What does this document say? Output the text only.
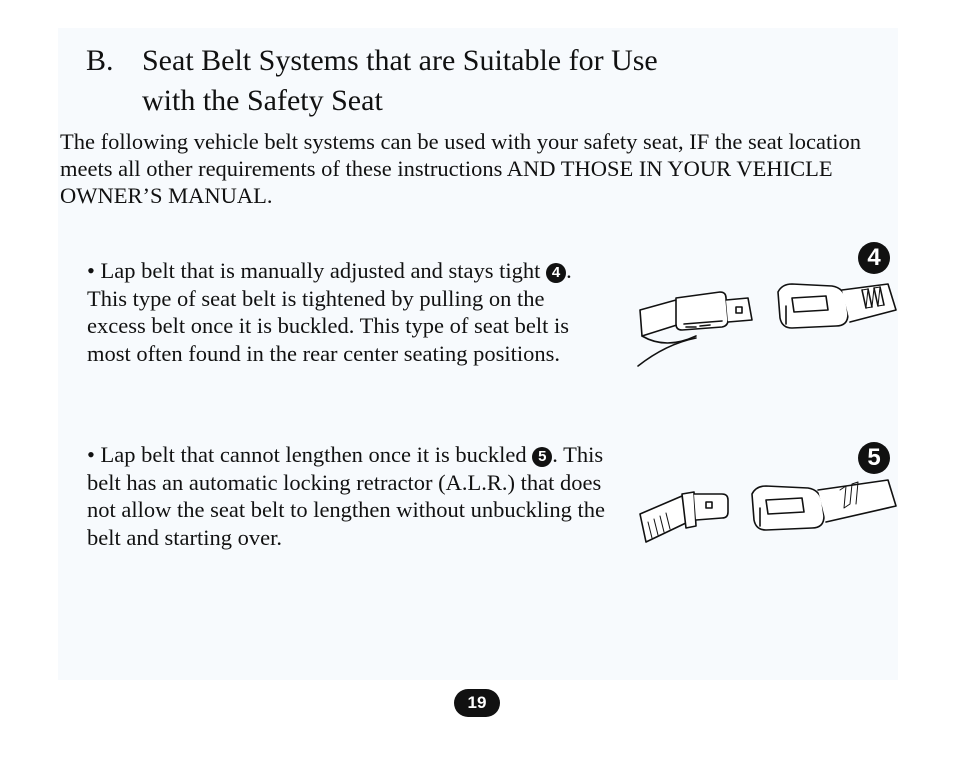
B. Seat Belt Systems that are Suitable for Use
with the Safety Seat
The following vehicle belt systems can be used with your safety seat, IF the seat location meets all other requirements of these instructions AND THOSE IN YOUR VEHICLE OWNER’S MANUAL.
• Lap belt that is manually adjusted and stays tight 4 . This type of seat belt is tightened by pulling on the excess belt once it is buckled. This type of seat belt is most often found in the rear center seating positions.
• Lap belt that cannot lengthen once it is buckled 5 . This belt has an automatic locking retractor (A.L.R.) that does not allow the seat belt to lengthen without unbuckling the belt and starting over.
4
5
19
